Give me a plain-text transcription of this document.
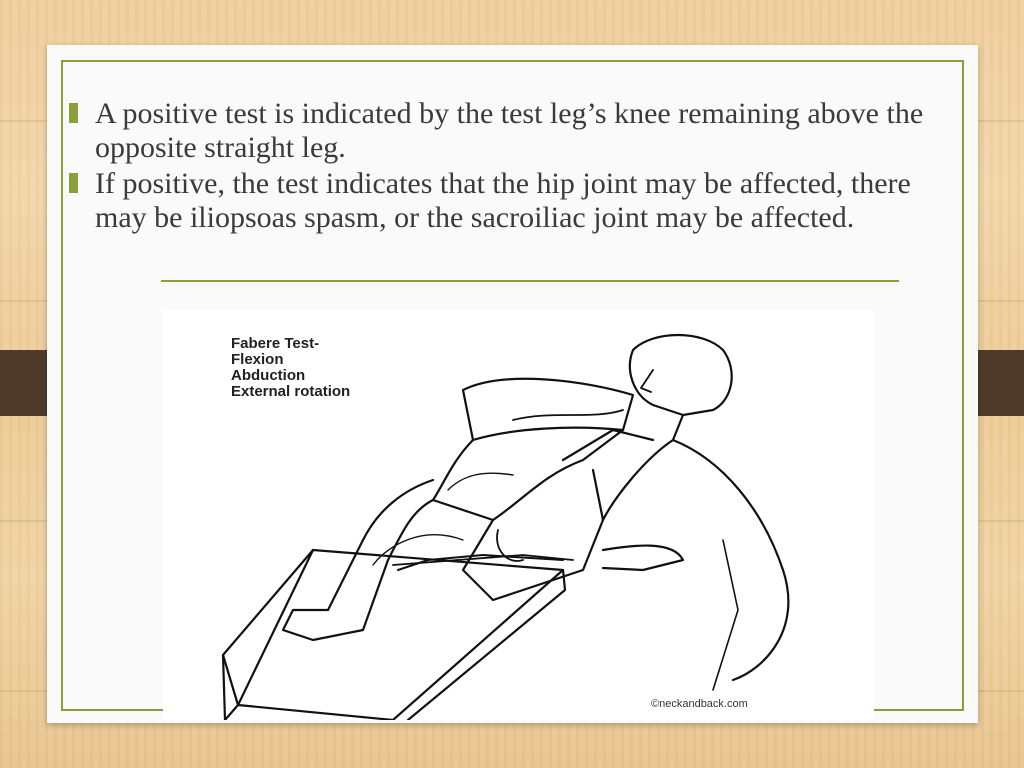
A positive test is indicated by the test leg’s knee remaining above the opposite straight leg.
If positive, the test indicates that the hip joint may be affected, there may be iliopsoas spasm, or the sacroiliac joint may be affected.
Fabere Test-
Flexion
Abduction
External rotation
©neckandback.com
